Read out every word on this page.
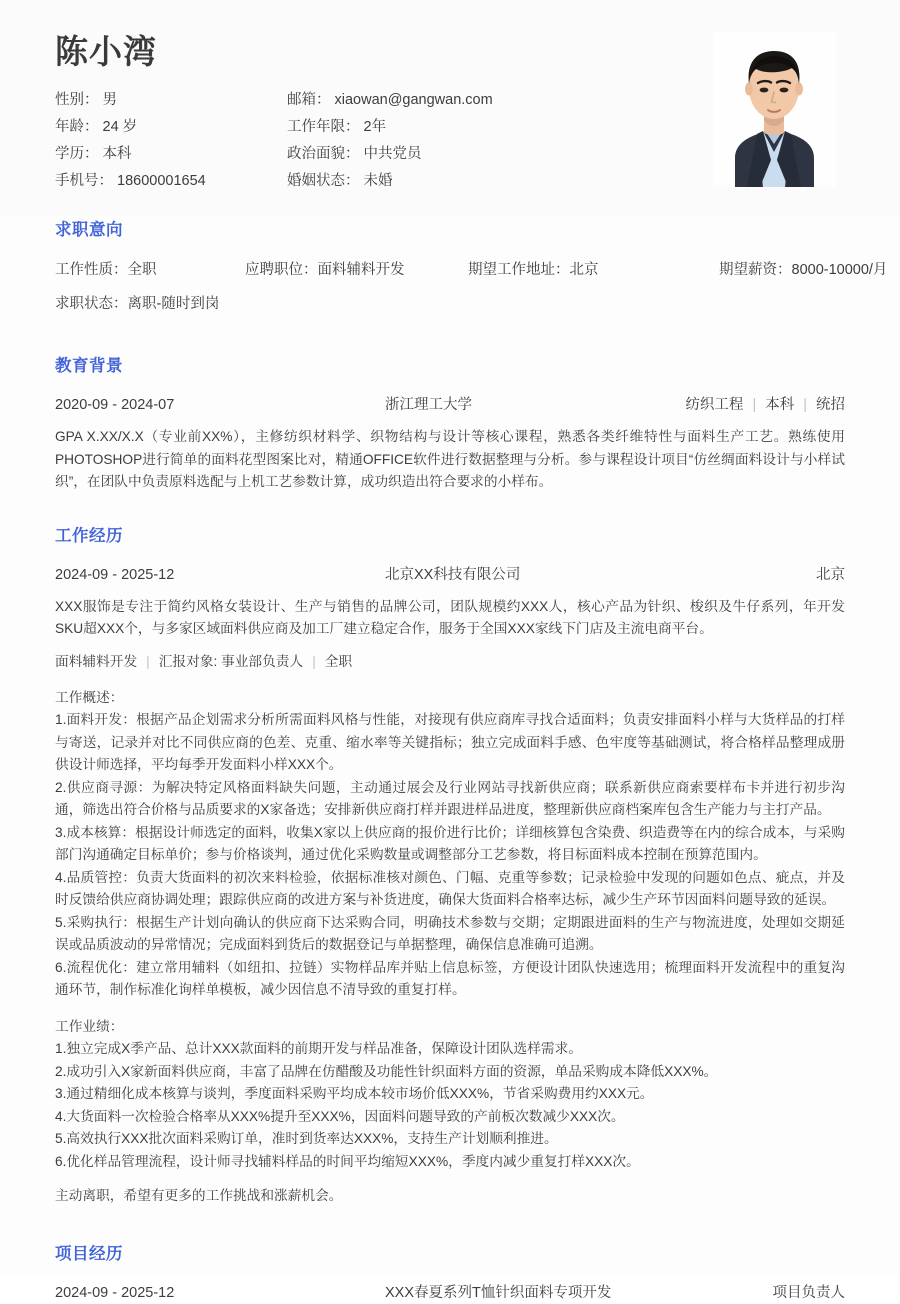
陈小湾
性别： 男	邮箱： xiaowan@gangwan.com
年龄： 24 岁	工作年限： 2年
学历： 本科	政治面貌： 中共党员
手机号： 18600001654	婚姻状态： 未婚
求职意向
工作性质：全职	应聘职位：面料辅料开发	期望工作地址：北京	期望薪资：8000-10000/月
求职状态：离职-随时到岗
教育背景
2020-09 - 2024-07	浙江理工大学	纺织工程 | 本科 | 统招

GPA X.XX/X.X（专业前XX%），主修纺织材料学、织物结构与设计等核心课程，熟悉各类纤维特性与面料生产工艺。熟练使用PHOTOSHOP进行简单的面料花型图案比对，精通OFFICE软件进行数据整理与分析。参与课程设计项目“仿丝绸面料设计与小样试织”，在团队中负责原料选配与上机工艺参数计算，成功织造出符合要求的小样布。

工作经历
2024-09 - 2025-12	北京XX科技有限公司	北京

XXX服饰是专注于简约风格女装设计、生产与销售的品牌公司，团队规模约XXX人，核心产品为针织、梭织及牛仔系列，年开发SKU超XXX个，与多家区域面料供应商及加工厂建立稳定合作，服务于全国XXX家线下门店及主流电商平台。

面料辅料开发 | 汇报对象: 事业部负责人 | 全职
工作概述：
1.面料开发：根据产品企划需求分析所需面料风格与性能，对接现有供应商库寻找合适面料；负责安排面料小样与大货样品的打样与寄送，记录并对比不同供应商的色差、克重、缩水率等关键指标；独立完成面料手感、色牢度等基础测试，将合格样品整理成册供设计师选择，平均每季开发面料小样XXX个。
2.供应商寻源：为解决特定风格面料缺失问题，主动通过展会及行业网站寻找新供应商；联系新供应商索要样布卡并进行初步沟通，筛选出符合价格与品质要求的X家备选；安排新供应商打样并跟进样品进度，整理新供应商档案库包含生产能力与主打产品。
3.成本核算：根据设计师选定的面料，收集X家以上供应商的报价进行比价；详细核算包含染费、织造费等在内的综合成本，与采购部门沟通确定目标单价；参与价格谈判，通过优化采购数量或调整部分工艺参数，将目标面料成本控制在预算范围内。
4.品质管控：负责大货面料的初次来料检验，依据标准核对颜色、门幅、克重等参数；记录检验中发现的问题如色点、疵点，并及时反馈给供应商协调处理；跟踪供应商的改进方案与补货进度，确保大货面料合格率达标，减少生产环节因面料问题导致的延误。
5.采购执行：根据生产计划向确认的供应商下达采购合同，明确技术参数与交期；定期跟进面料的生产与物流进度，处理如交期延误或品质波动的异常情况；完成面料到货后的数据登记与单据整理，确保信息准确可追溯。
6.流程优化：建立常用辅料（如纽扣、拉链）实物样品库并贴上信息标签，方便设计团队快速选用；梳理面料开发流程中的重复沟通环节，制作标准化询样单模板，减少因信息不清导致的重复打样。
工作业绩：
1.独立完成X季产品、总计XXX款面料的前期开发与样品准备，保障设计团队选样需求。
2.成功引入X家新面料供应商，丰富了品牌在仿醋酸及功能性针织面料方面的资源，单品采购成本降低XXX%。
3.通过精细化成本核算与谈判，季度面料采购平均成本较市场价低XXX%，节省采购费用约XXX元。
4.大货面料一次检验合格率从XXX%提升至XXX%，因面料问题导致的产前板次数减少XXX次。
5.高效执行XXX批次面料采购订单，准时到货率达XXX%，支持生产计划顺利推进。
6.优化样品管理流程，设计师寻找辅料样品的时间平均缩短XXX%，季度内减少重复打样XXX次。

主动离职，希望有更多的工作挑战和涨薪机会。

项目经历
2024-09 - 2025-12	XXX春夏系列T恤针织面料专项开发	项目负责人
